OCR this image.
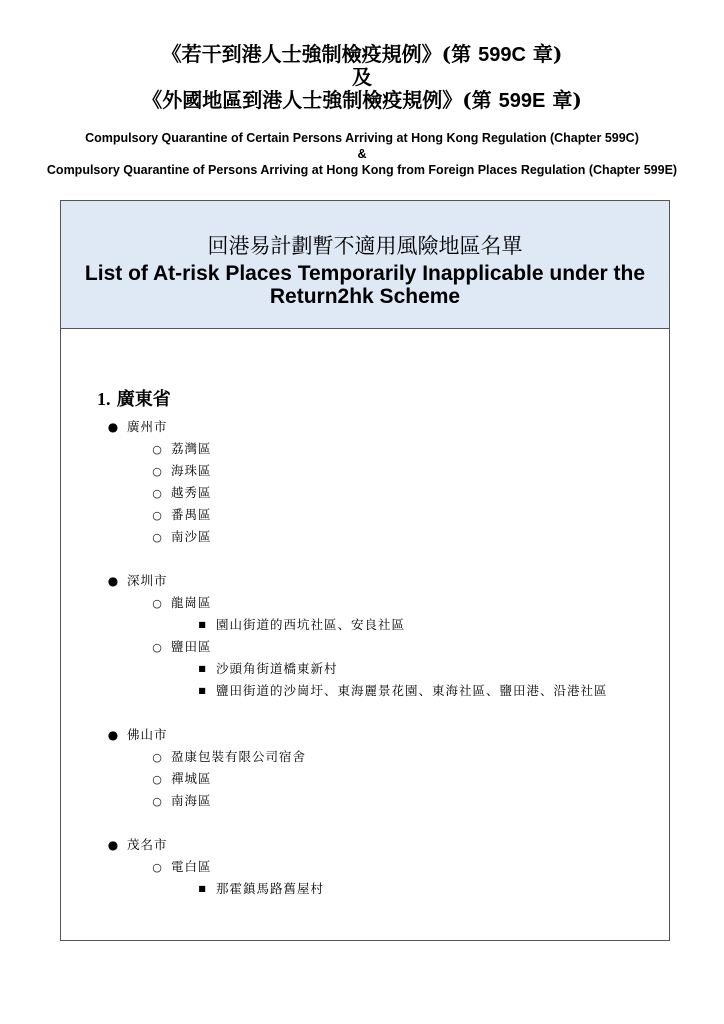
《若干到港人士強制檢疫規例》(第 599C 章)
及
《外國地區到港人士強制檢疫規例》(第 599E 章)
Compulsory Quarantine of Certain Persons Arriving at Hong Kong Regulation (Chapter 599C)
&
Compulsory Quarantine of Persons Arriving at Hong Kong from Foreign Places Regulation (Chapter 599E)
回港易計劃暫不適用風險地區名單
List of At-risk Places Temporarily Inapplicable under the
Return2hk Scheme
1. 廣東省
● 廣州市
○ 荔灣區
○ 海珠區
○ 越秀區
○ 番禺區
○ 南沙區
● 深圳市
○ 龍崗區
■ 園山街道的西坑社區、安良社區
○ 鹽田區
■ 沙頭角街道橋東新村
■ 鹽田街道的沙崗圩、東海麗景花園、東海社區、鹽田港、沿港社區
● 佛山市
○ 盈康包裝有限公司宿舍
○ 禪城區
○ 南海區
● 茂名市
○ 電白區
■ 那霍鎮馬路舊屋村
